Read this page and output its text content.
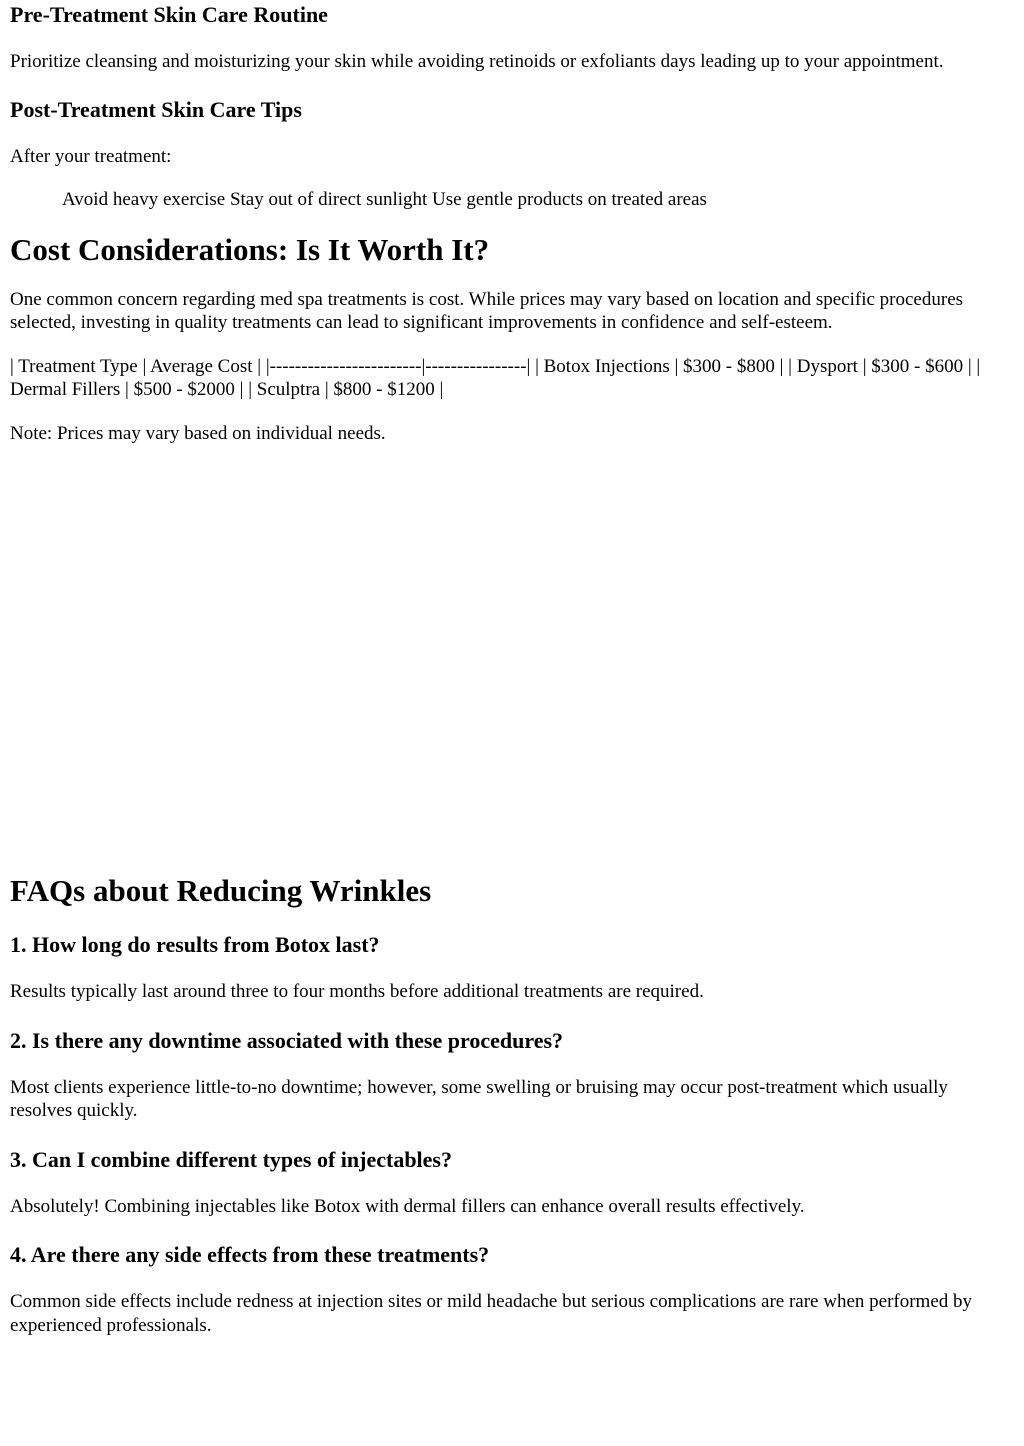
Pre-Treatment Skin Care Routine

Prioritize cleansing and moisturizing your skin while avoiding retinoids or exfoliants days leading up to your appointment.

Post-Treatment Skin Care Tips

After your treatment:

Avoid heavy exercise Stay out of direct sunlight Use gentle products on treated areas

Cost Considerations: Is It Worth It?

One common concern regarding med spa treatments is cost. While prices may vary based on location and specific procedures selected, investing in quality treatments can lead to significant improvements in confidence and self-esteem.

| Treatment Type | Average Cost | |------------------------|----------------| | Botox Injections | $300 - $800 | | Dysport | $300 - $600 | | Dermal Fillers | $500 - $2000 | | Sculptra | $800 - $1200 |

Note: Prices may vary based on individual needs.

FAQs about Reducing Wrinkles
1. How long do results from Botox last?

Results typically last around three to four months before additional treatments are required.

2. Is there any downtime associated with these procedures?

Most clients experience little-to-no downtime; however, some swelling or bruising may occur post-treatment which usually resolves quickly.

3. Can I combine different types of injectables?

Absolutely! Combining injectables like Botox with dermal fillers can enhance overall results effectively.

4. Are there any side effects from these treatments?

Common side effects include redness at injection sites or mild headache but serious complications are rare when performed by experienced professionals.
